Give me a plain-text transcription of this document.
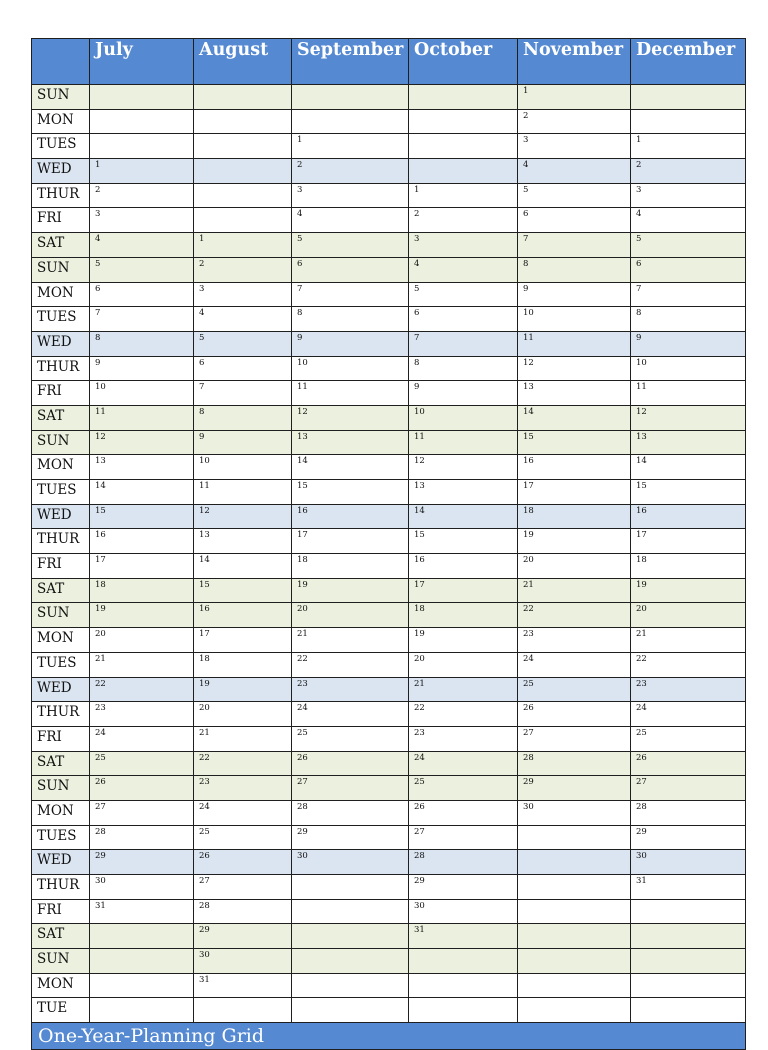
	July	August	September	October	November	December
SUN					1	
MON					2	
TUES			1		3	1
WED	1		2		4	2
THUR	2		3	1	5	3
FRI	3		4	2	6	4
SAT	4	1	5	3	7	5
SUN	5	2	6	4	8	6
MON	6	3	7	5	9	7
TUES	7	4	8	6	10	8
WED	8	5	9	7	11	9
THUR	9	6	10	8	12	10
FRI	10	7	11	9	13	11
SAT	11	8	12	10	14	12
SUN	12	9	13	11	15	13
MON	13	10	14	12	16	14
TUES	14	11	15	13	17	15
WED	15	12	16	14	18	16
THUR	16	13	17	15	19	17
FRI	17	14	18	16	20	18
SAT	18	15	19	17	21	19
SUN	19	16	20	18	22	20
MON	20	17	21	19	23	21
TUES	21	18	22	20	24	22
WED	22	19	23	21	25	23
THUR	23	20	24	22	26	24
FRI	24	21	25	23	27	25
SAT	25	22	26	24	28	26
SUN	26	23	27	25	29	27
MON	27	24	28	26	30	28
TUES	28	25	29	27		29
WED	29	26	30	28		30
THUR	30	27		29		31
FRI	31	28		30		
SAT		29		31		
SUN		30				
MON		31				
TUE						
One-Year-Planning Grid						
